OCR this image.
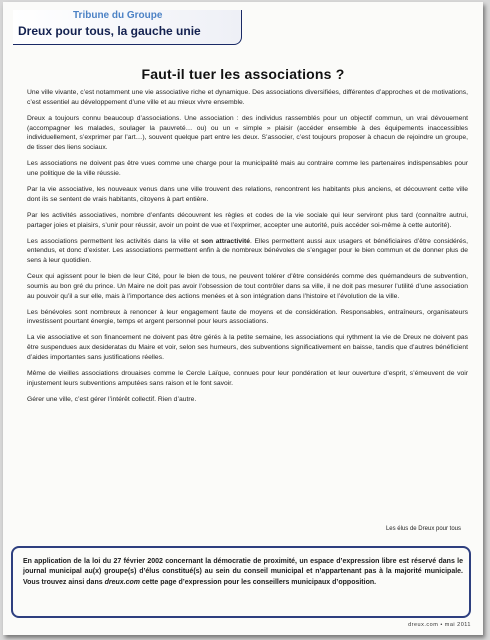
Tribune du Groupe
Dreux pour tous, la gauche unie
Faut-il tuer les associations ?

Une ville vivante, c’est notamment une vie associative riche et dynamique. Des associations diversifiées, différentes d’approches et de motivations, c’est essentiel au développement d’une ville et au mieux vivre ensemble.

Dreux a toujours connu beaucoup d’associations. Une association : des individus rassemblés pour un objectif commun, un vrai dévouement (accompagner les malades, soulager la pauvreté… ou) ou un « simple » plaisir (accéder ensemble à des équipements inaccessibles individuellement, s’exprimer par l’art…), souvent quelque part entre les deux. S’associer, c’est toujours proposer à chacun de rejoindre un groupe, de tisser des liens sociaux.

Les associations ne doivent pas être vues comme une charge pour la municipalité mais au contraire comme les partenaires indispensables pour une politique de la ville réussie.

Par la vie associative, les nouveaux venus dans une ville trouvent des relations, rencontrent les habitants plus anciens, et découvrent cette ville dont ils se sentent de vrais habitants, citoyens à part entière.

Par les activités associatives, nombre d’enfants découvrent les règles et codes de la vie sociale qui leur serviront plus tard (connaître autrui, partager joies et plaisirs, s’unir pour réussir, avoir un point de vue et l’exprimer, accepter une autorité, puis accéder soi-même à cette autorité).

Les associations permettent les activités dans la ville et son attractivité. Elles permettent aussi aux usagers et bénéficiaires d’être considérés, entendus, et donc d’exister. Les associations permettent enfin à de nombreux bénévoles de s’engager pour le bien commun et de donner plus de sens à leur quotidien.

Ceux qui agissent pour le bien de leur Cité, pour le bien de tous, ne peuvent tolérer d’être considérés comme des quémandeurs de subvention, soumis au bon gré du prince. Un Maire ne doit pas avoir l’obsession de tout contrôler dans sa ville, il ne doit pas mesurer l’utilité d’une association au pouvoir qu’il a sur elle, mais à l’importance des actions menées et à son intégration dans l’histoire et l’évolution de la ville.

Les bénévoles sont nombreux à renoncer à leur engagement faute de moyens et de considération. Responsables, entraîneurs, organisateurs investissent pourtant énergie, temps et argent personnel pour leurs associations.

La vie associative et son financement ne doivent pas être gérés à la petite semaine, les associations qui rythment la vie de Dreux ne doivent pas être suspendues aux desideratas du Maire et voir, selon ses humeurs, des subventions significativement en baisse, tandis que d’autres bénéficient d’aides importantes sans justifications réelles.

Même de vieilles associations drouaises comme le Cercle Laïque, connues pour leur pondération et leur ouverture d’esprit, s’émeuvent de voir injustement leurs subventions amputées sans raison et le font savoir.

Gérer une ville, c’est gérer l’intérêt collectif. Rien d’autre.

Les élus de Dreux pour tous
En application de la loi du 27 février 2002 concernant la démocratie de proximité, un espace d’expression libre est réservé dans le journal municipal au(x) groupe(s) d’élus constitué(s) au sein du conseil municipal et n’appartenant pas à la majorité municipale. Vous trouvez ainsi dans dreux.com cette page d’expression pour les conseillers municipaux d’opposition.
dreux.com • mai 2011
